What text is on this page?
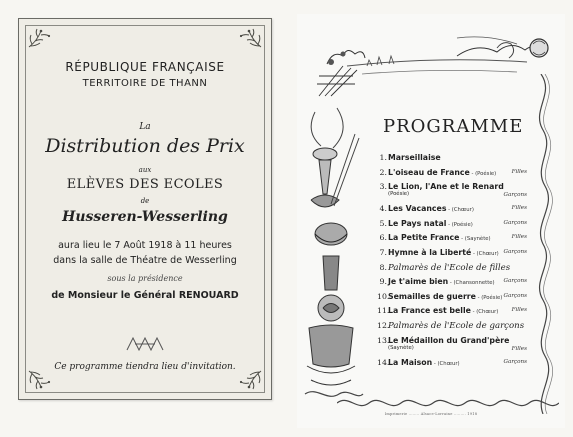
RÉPUBLIQUE FRANÇAISE
TERRITOIRE DE THANN
La
Distribution des Prix
aux
ELÈVES DES ECOLES
de
Husseren-Wesserling
aura lieu le 7 Août 1918 à 11 heures
dans la salle de Théatre de Wesserling
sous la présidence
de Monsieur le Général RENOUARD
Ce programme tiendra lieu d'invitation.
PROGRAMME
1. Marseillaise
2. L'oiseau de France - (Poésie)	Filles
3. Le Lion, l'Ane et le Renard
(Poésie)	Garçons
4. Les Vacances - (Chœur)	Filles
5. Le Pays natal - (Poésie)	Garçons
6. La Petite France - (Saynète)	Filles
7. Hymne à la Liberté - (Chœur) Garçons
8. Palmarès de l'Ecole de filles
9. Je t'aime bien - (Chansonnette) Garçons
10.
Semailles de guerre - (Poésie) Garçons
11.
La France est belle - (Chœur) Filles
12.
Palmarès de l'Ecole de garçons
13.
Le Médaillon du Grand'père
(Saynète)	Filles
14.
La Maison - (Chœur)	Garçons
Imprimerie ........ Alsace-Lorraine ......... 1918
